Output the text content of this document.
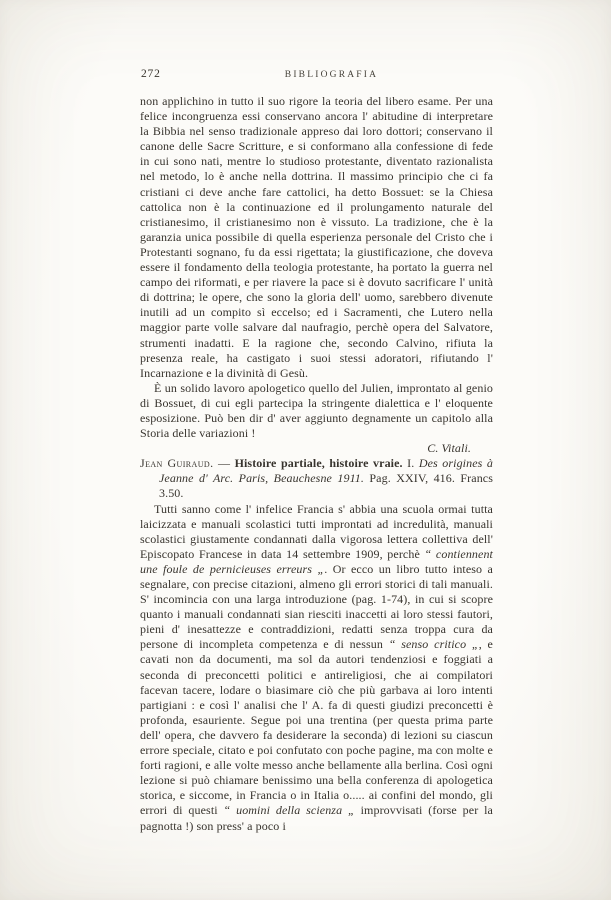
272	BIBLIOGRAFIA

non applichino in tutto il suo rigore la teoria del libero esame. Per una felice incongruenza essi conservano ancora l' abitudine di interpretare la Bibbia nel senso tradizionale appreso dai loro dottori; conservano il canone delle Sacre Scritture, e si conformano alla confessione di fede in cui sono nati, mentre lo studioso protestante, diventato razionalista nel metodo, lo è anche nella dottrina. Il massimo principio che ci fa cristiani ci deve anche fare cattolici, ha detto Bossuet: se la Chiesa cattolica non è la continuazione ed il prolungamento naturale del cristianesimo, il cristianesimo non è vissuto. La tradizione, che è la garanzia unica possibile di quella esperienza personale del Cristo che i Protestanti sognano, fu da essi rigettata; la giustificazione, che doveva essere il fondamento della teologia protestante, ha portato la guerra nel campo dei riformati, e per riavere la pace si è dovuto sacrificare l' unità di dottrina; le opere, che sono la gloria dell' uomo, sarebbero divenute inutili ad un compito sì eccelso; ed i Sacramenti, che Lutero nella maggior parte volle salvare dal naufragio, perchè opera del Salvatore, strumenti inadatti. E la ragione che, secondo Calvino, rifiuta la presenza reale, ha castigato i suoi stessi adoratori, rifiutando l' Incarnazione e la divinità di Gesù.

È un solido lavoro apologetico quello del Julien, improntato al genio di Bossuet, di cui egli partecipa la stringente dialettica e l' eloquente esposizione. Può ben dir d' aver aggiunto degnamente un capitolo alla Storia delle variazioni !

C. Vitali.

Jean Guiraud. — Histoire partiale, histoire vraie. I. Des origines à Jeanne d' Arc. Paris, Beauchesne 1911. Pag. XXIV, 416. Francs 3.50.

Tutti sanno come l' infelice Francia s' abbia una scuola ormai tutta laicizzata e manuali scolastici tutti improntati ad incredulità, manuali scolastici giustamente condannati dalla vigorosa lettera collettiva dell' Episcopato Francese in data 14 settembre 1909, perchè “ contiennent une foule de pernicieuses erreurs „. Or ecco un libro tutto inteso a segnalare, con precise citazioni, almeno gli errori storici di tali manuali. S' incomincia con una larga introduzione (pag. 1-74), in cui si scopre quanto i manuali condannati sian riesciti inaccetti ai loro stessi fautori, pieni d' inesattezze e contraddizioni, redatti senza troppa cura da persone di incompleta competenza e di nessun “ senso critico „, e cavati non da documenti, ma sol da autori tendenziosi e foggiati a seconda di preconcetti politici e antireligiosi, che ai compilatori facevan tacere, lodare o biasimare ciò che più garbava ai loro intenti partigiani : e così l' analisi che l' A. fa di questi giudizi preconcetti è profonda, esauriente. Segue poi una trentina (per questa prima parte dell' opera, che davvero fa desiderare la seconda) di lezioni su ciascun errore speciale, citato e poi confutato con poche pagine, ma con molte e forti ragioni, e alle volte messo anche bellamente alla berlina. Così ogni lezione si può chiamare benissimo una bella conferenza di apologetica storica, e siccome, in Francia o in Italia o..... ai confini del mondo, gli errori di questi “ uomini della scienza „ improvvisati (forse per la pagnotta !) son press' a poco i
